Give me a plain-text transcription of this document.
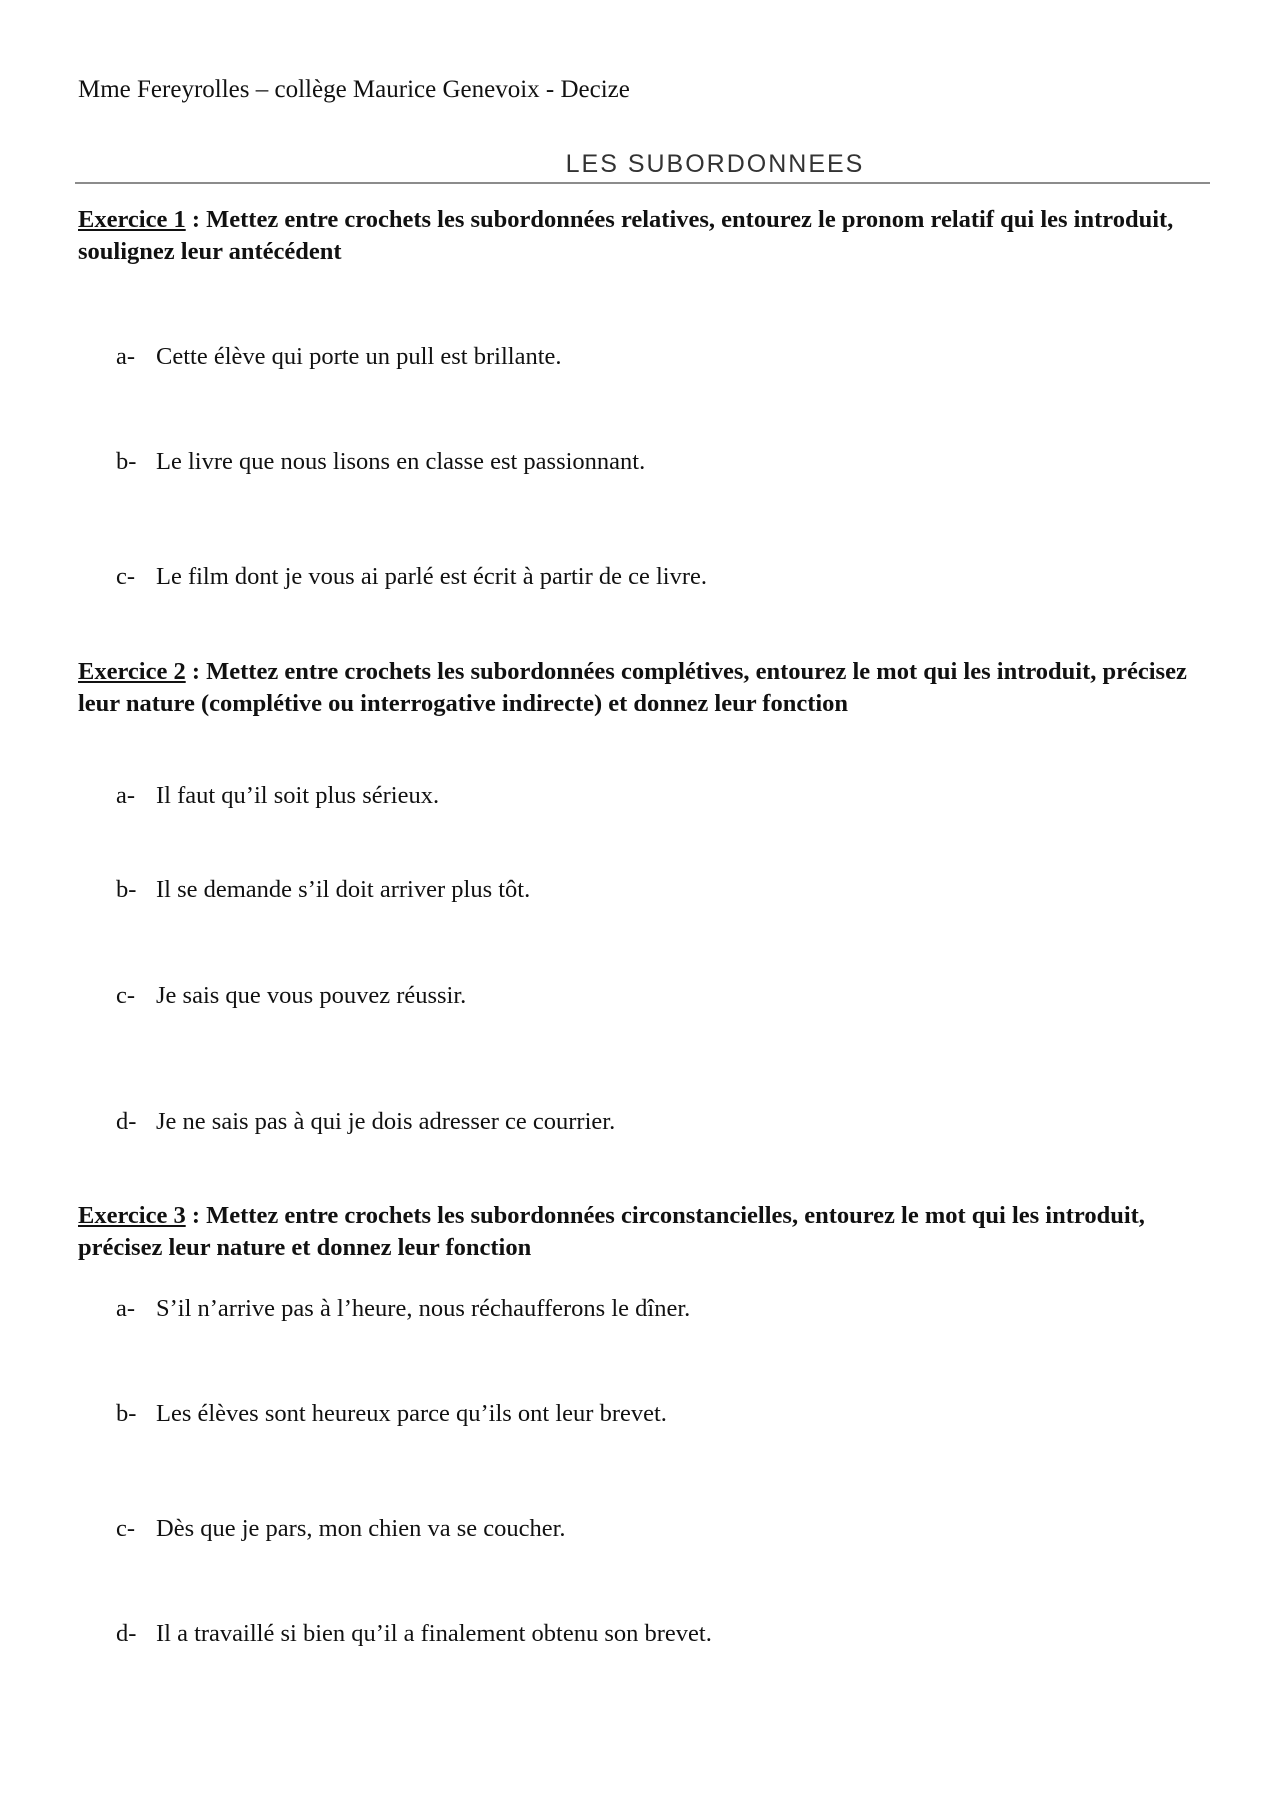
Mme Fereyrolles – collège Maurice Genevoix - Decize
LES SUBORDONNEES
Exercice 1 : Mettez entre crochets les subordonnées relatives, entourez le pronom relatif qui les introduit, soulignez leur antécédent
a- Cette élève qui porte un pull est brillante.
b- Le livre que nous lisons en classe est passionnant.
c- Le film dont je vous ai parlé est écrit à partir de ce livre.
Exercice 2 : Mettez entre crochets les subordonnées complétives, entourez le mot qui les introduit, précisez leur nature (complétive ou interrogative indirecte) et donnez leur fonction
a- Il faut qu’il soit plus sérieux.
b- Il se demande s’il doit arriver plus tôt.
c- Je sais que vous pouvez réussir.
d- Je ne sais pas à qui je dois adresser ce courrier.
Exercice 3 : Mettez entre crochets les subordonnées circonstancielles, entourez le mot qui les introduit, précisez leur nature et donnez leur fonction
a- S’il n’arrive pas à l’heure, nous réchaufferons le dîner.
b- Les élèves sont heureux parce qu’ils ont leur brevet.
c- Dès que je pars, mon chien va se coucher.
d- Il a travaillé si bien qu’il a finalement obtenu son brevet.
